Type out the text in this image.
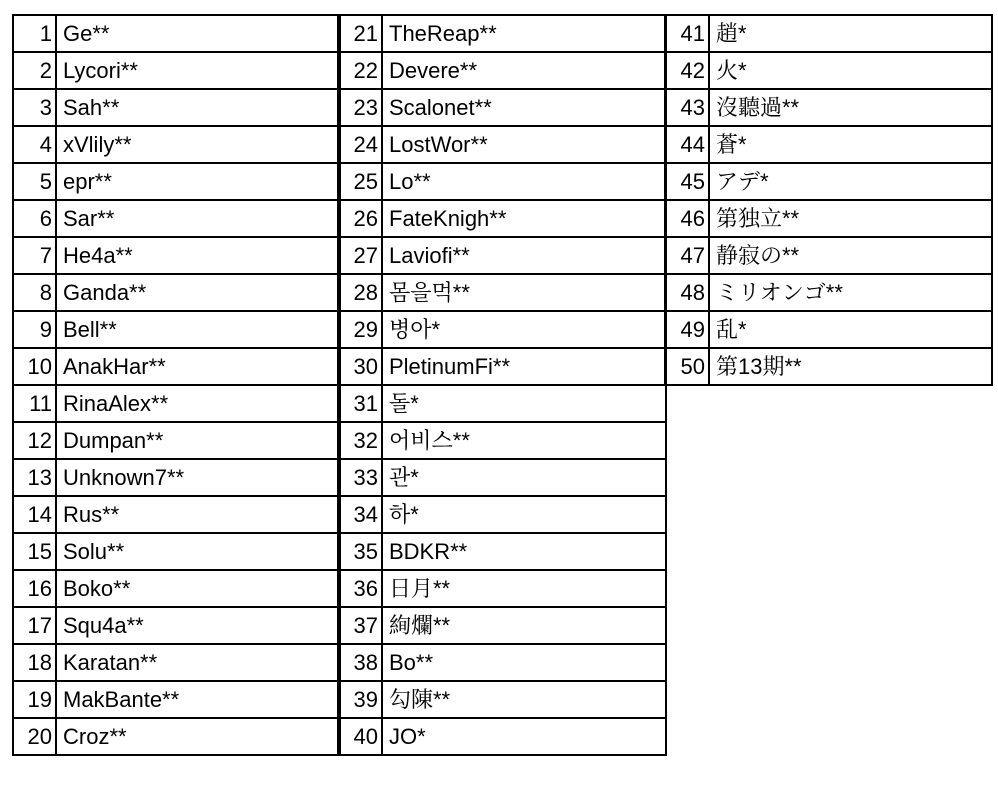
1	Ge**
2	Lycori**
3	Sah**
4	xVlily**
5	epr**
6	Sar**
7	He4a**
8	Ganda**
9	Bell**
10	AnakHar**
11	RinaAlex**
12	Dumpan**
13	Unknown7**
14	Rus**
15	Solu**
16	Boko**
17	Squ4a**
18	Karatan**
19	MakBante**
20	Croz**
21	TheReap**
22	Devere**
23	Scalonet**
24	LostWor**
25	Lo**
26	FateKnigh**
27	Laviofi**
28	몸을먹**
29	병아*
30	PletinumFi**
31	돌*
32	어비스**
33	관*
34	하*
35	BDKR**
36	日月**
37	絢爛**
38	Bo**
39	勾陳**
40	JO*
41	趙*
42	火*
43	沒聽過**
44	蒼*
45	アデ*
46	第独立**
47	静寂の**
48	ミリオンゴ**
49	乱*
50	第13期**
